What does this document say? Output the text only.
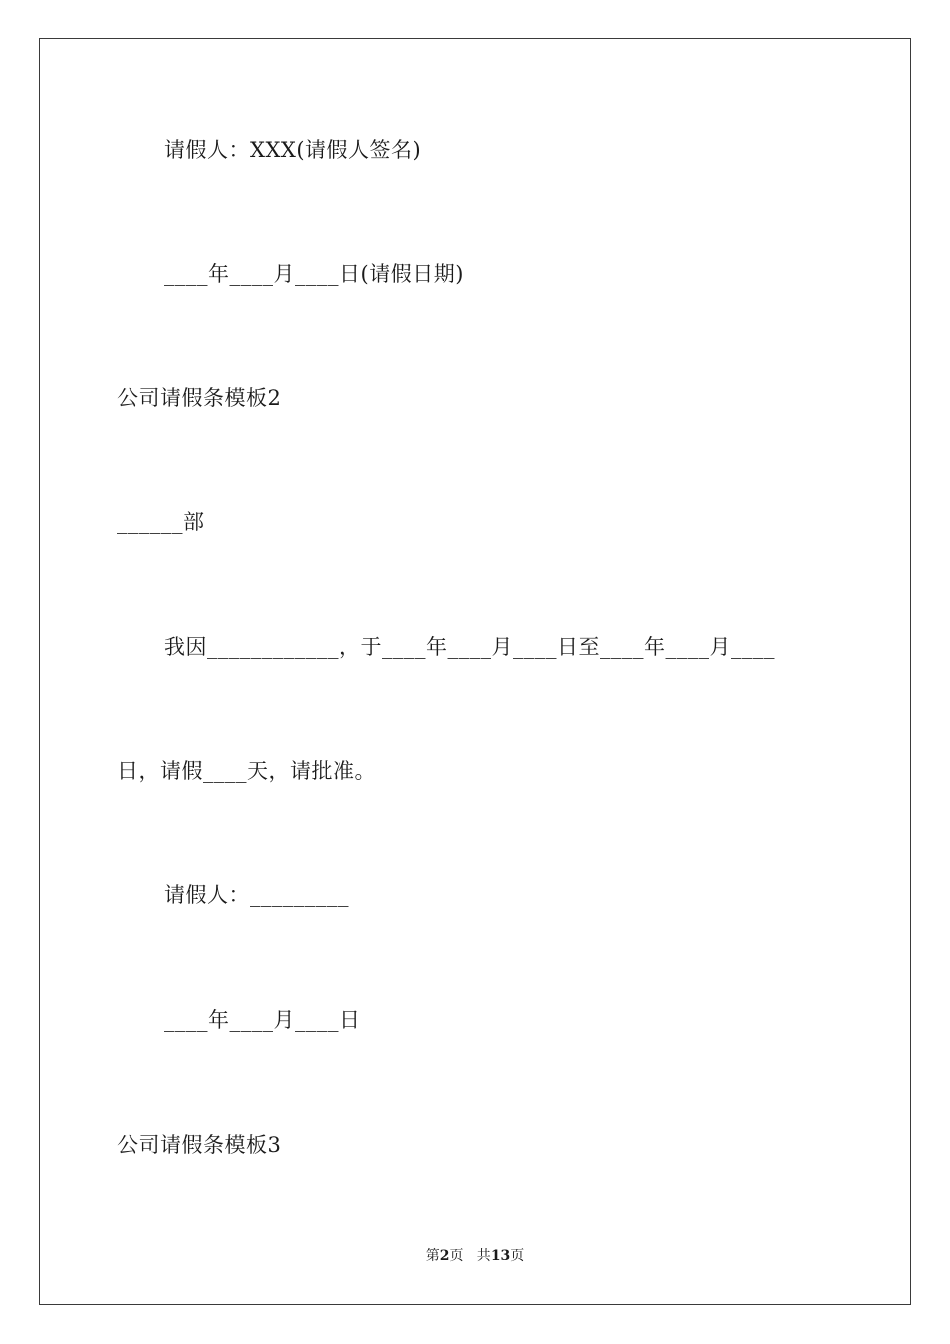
请假人：XXX(请假人签名)
____年____月____日(请假日期)
公司请假条模板2
______部
我因____________，于____年____月____日至____年____月____
日，请假____天，请批准。
请假人：_________
____年____月____日
公司请假条模板3
第2页   共13页
